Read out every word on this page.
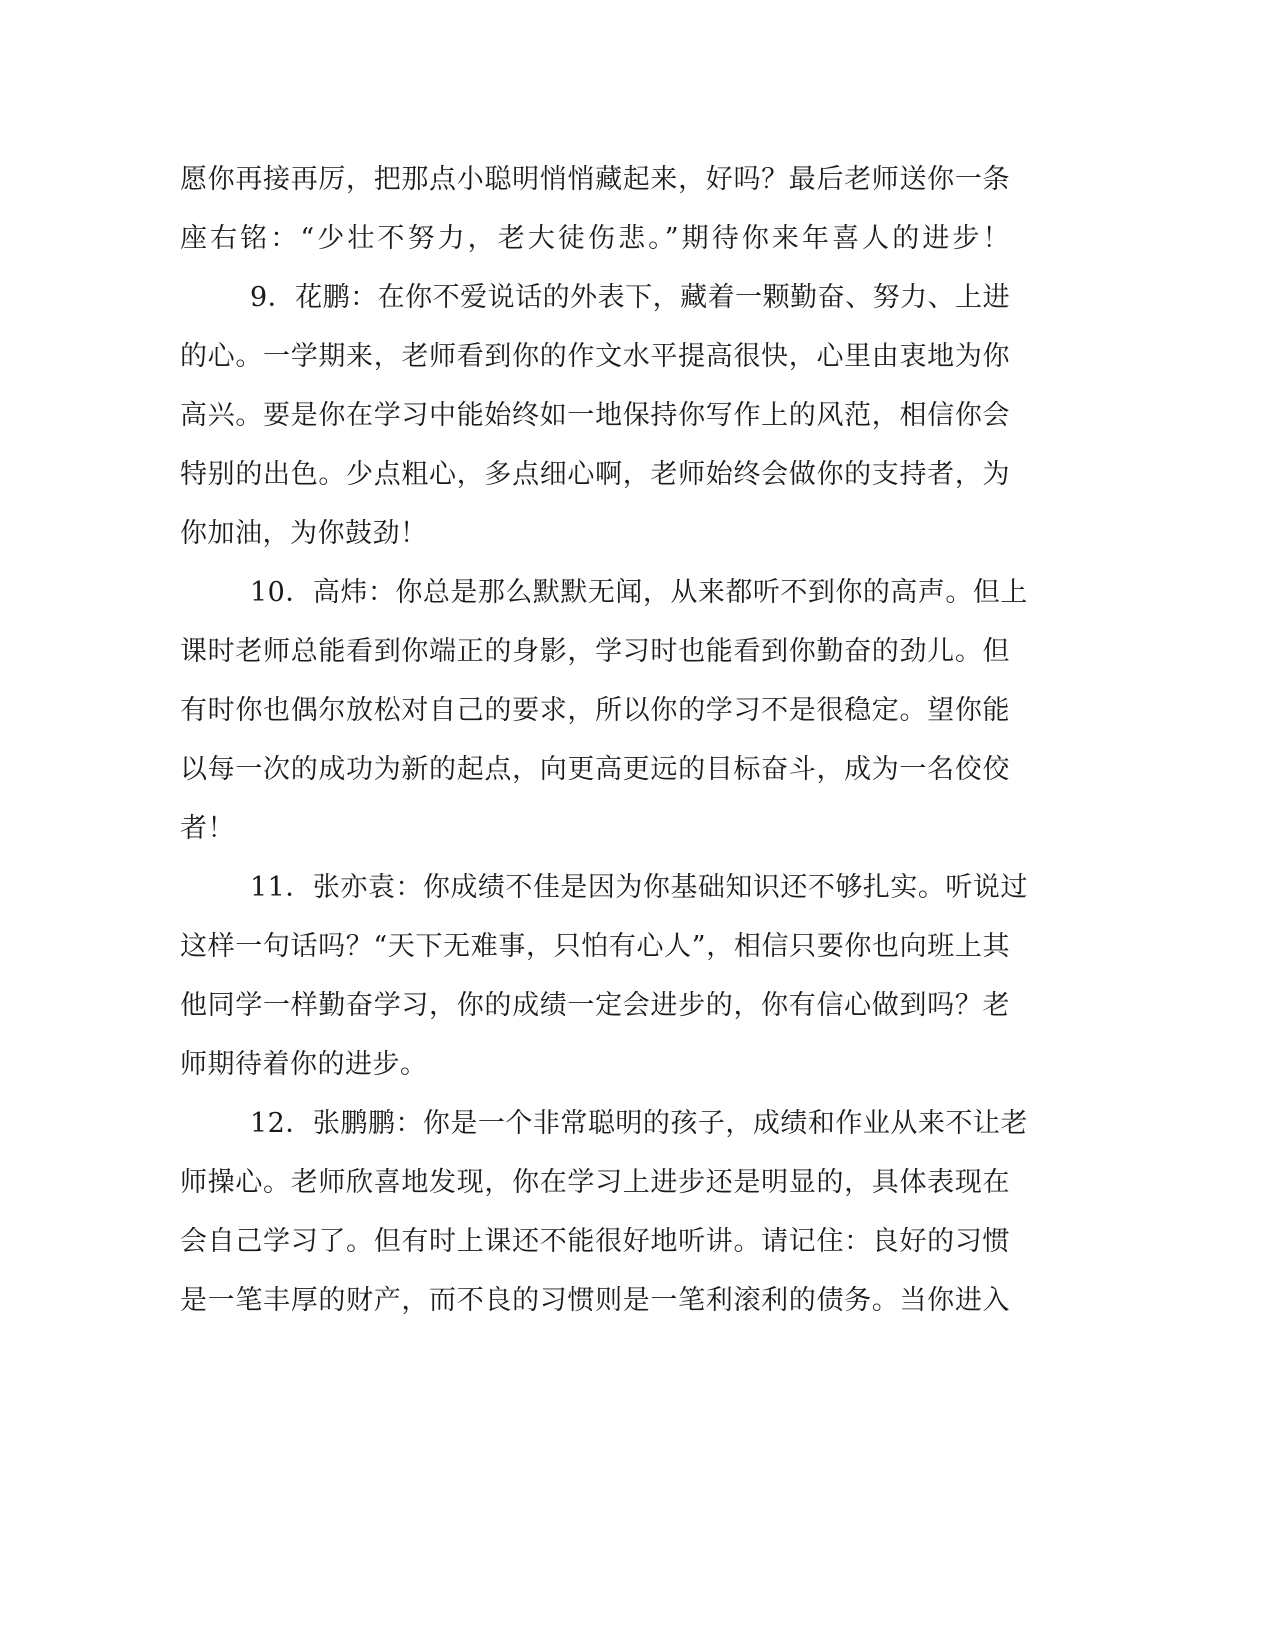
愿你再接再厉，把那点小聪明悄悄藏起来，好吗？最后老师送你一条

座右铭：“少壮不努力，老大徒伤悲。”期待你来年喜人的进步！

9．花鹏：在你不爱说话的外表下，藏着一颗勤奋、努力、上进

的心。一学期来，老师看到你的作文水平提高很快，心里由衷地为你

高兴。要是你在学习中能始终如一地保持你写作上的风范，相信你会

特别的出色。少点粗心，多点细心啊，老师始终会做你的支持者，为

你加油，为你鼓劲！

10．高炜：你总是那么默默无闻，从来都听不到你的高声。但上

课时老师总能看到你端正的身影，学习时也能看到你勤奋的劲儿。但

有时你也偶尔放松对自己的要求，所以你的学习不是很稳定。望你能

以每一次的成功为新的起点，向更高更远的目标奋斗，成为一名佼佼

者！

11．张亦袁：你成绩不佳是因为你基础知识还不够扎实。听说过

这样一句话吗？“天下无难事，只怕有心人”，相信只要你也向班上其

他同学一样勤奋学习，你的成绩一定会进步的，你有信心做到吗？老

师期待着你的进步。

12．张鹏鹏：你是一个非常聪明的孩子，成绩和作业从来不让老

师操心。老师欣喜地发现，你在学习上进步还是明显的，具体表现在

会自己学习了。但有时上课还不能很好地听讲。请记住：良好的习惯

是一笔丰厚的财产，而不良的习惯则是一笔利滚利的债务。当你进入
